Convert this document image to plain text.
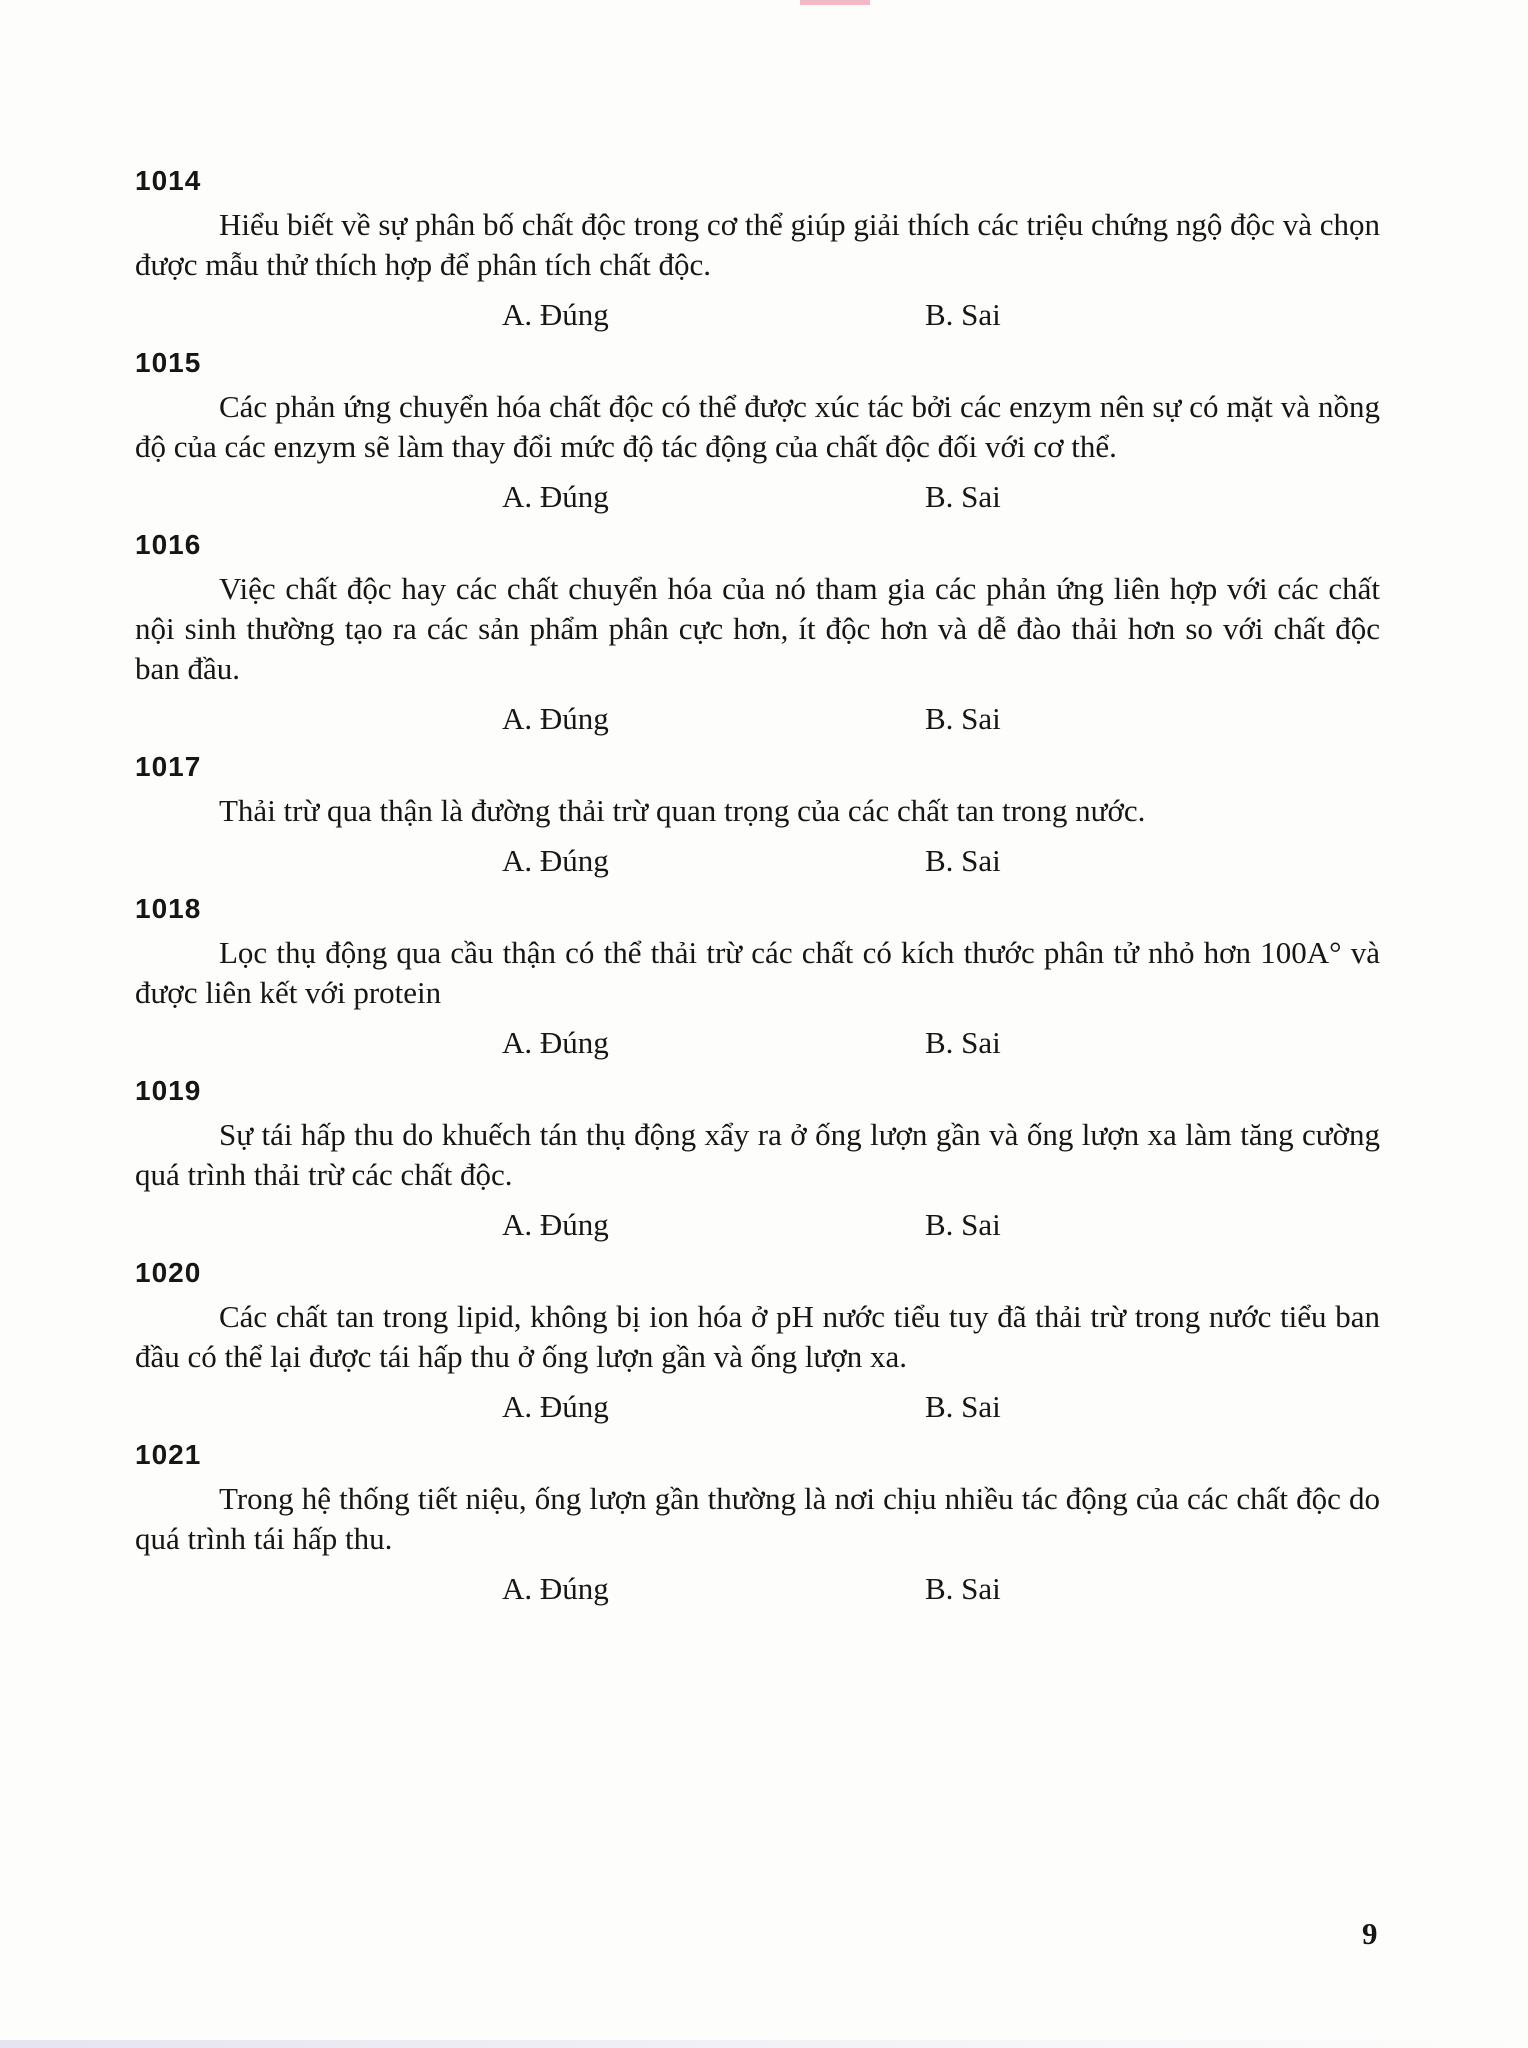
1014

Hiểu biết về sự phân bố chất độc trong cơ thể giúp giải thích các triệu chứng ngộ độc và chọn được mẫu thử thích hợp để phân tích chất độc.

A. Đúng	B. Sai
1015

Các phản ứng chuyển hóa chất độc có thể được xúc tác bởi các enzym nên sự có mặt và nồng độ của các enzym sẽ làm thay đổi mức độ tác động của chất độc đối với cơ thể.

A. Đúng	B. Sai
1016

Việc chất độc hay các chất chuyển hóa của nó tham gia các phản ứng liên hợp với các chất nội sinh thường tạo ra các sản phẩm phân cực hơn, ít độc hơn và dễ đào thải hơn so với chất độc ban đầu.

A. Đúng	B. Sai
1017

Thải trừ qua thận là đường thải trừ quan trọng của các chất tan trong nước.

A. Đúng	B. Sai
1018

Lọc thụ động qua cầu thận có thể thải trừ các chất có kích thước phân tử nhỏ hơn 100A° và được liên kết với protein

A. Đúng	B. Sai
1019

Sự tái hấp thu do khuếch tán thụ động xẩy ra ở ống lượn gần và ống lượn xa làm tăng cường quá trình thải trừ các chất độc.

A. Đúng	B. Sai
1020

Các chất tan trong lipid, không bị ion hóa ở pH nước tiểu tuy đã thải trừ trong nước tiểu ban đầu có thể lại được tái hấp thu ở ống lượn gần và ống lượn xa.

A. Đúng	B. Sai
1021

Trong hệ thống tiết niệu, ống lượn gần thường là nơi chịu nhiều tác động của các chất độc do quá trình tái hấp thu.

A. Đúng	B. Sai
9
